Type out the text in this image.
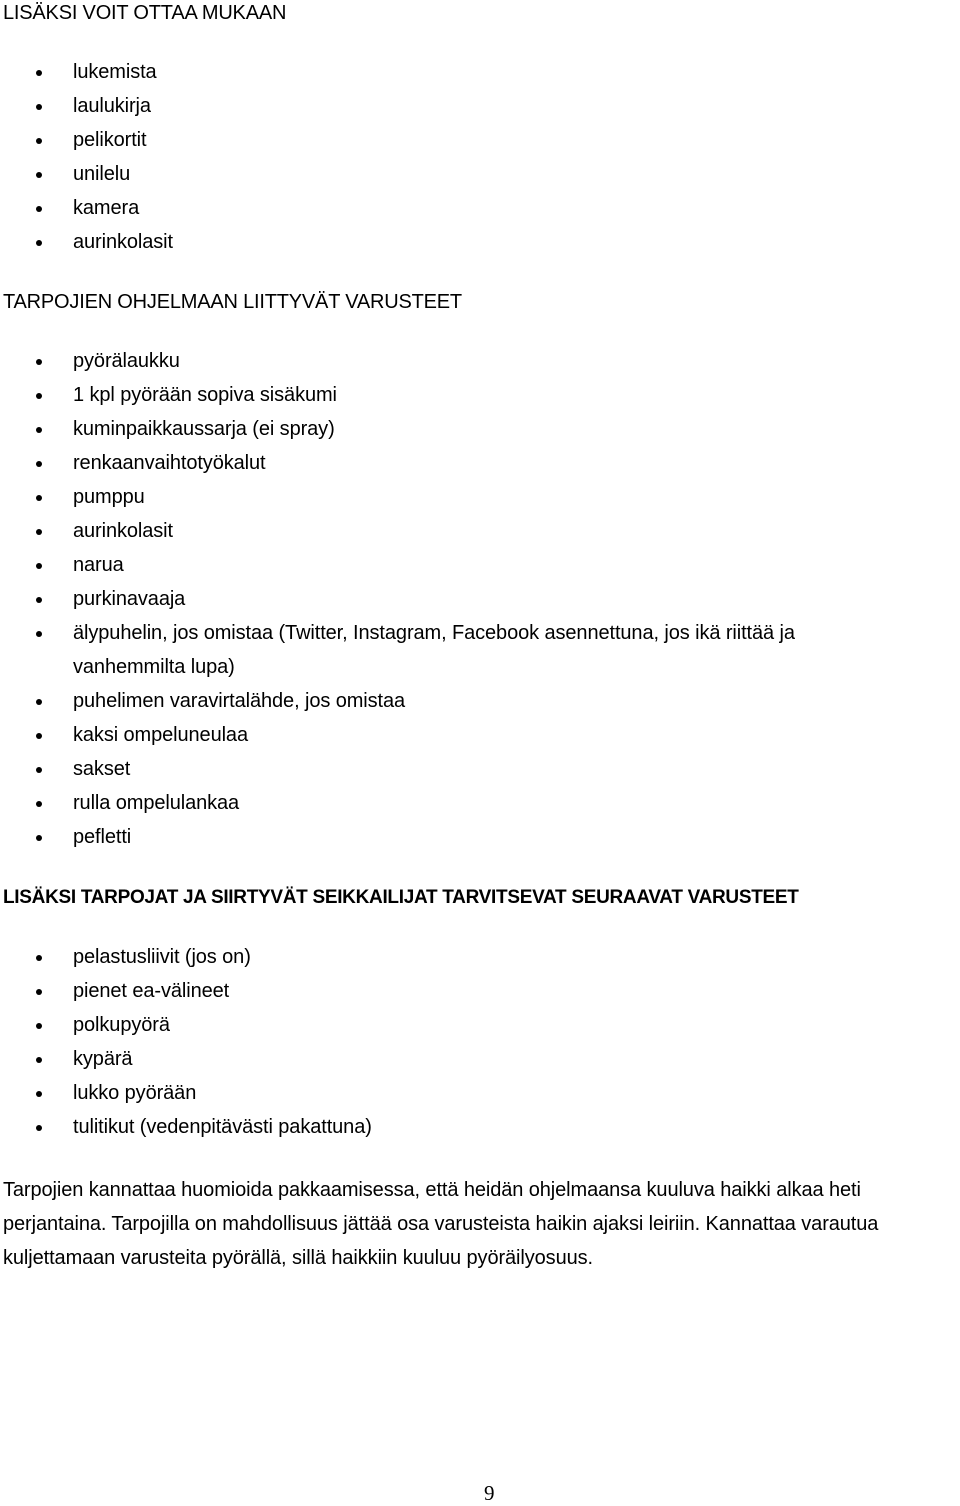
LISÄKSI VOIT OTTAA MUKAAN
lukemista
laulukirja
pelikortit
unilelu
kamera
aurinkolasit
TARPOJIEN OHJELMAAN LIITTYVÄT VARUSTEET
pyörälaukku
1 kpl pyörään sopiva sisäkumi
kuminpaikkaussarja (ei spray)
renkaanvaihtotyökalut
pumppu
aurinkolasit
narua
purkinavaaja
älypuhelin, jos omistaa (Twitter, Instagram, Facebook asennettuna, jos ikä riittää ja vanhemmilta lupa)
puhelimen varavirtalähde, jos omistaa
kaksi ompeluneulaa
sakset
rulla ompelulankaa
pefletti
LISÄKSI TARPOJAT JA SIIRTYVÄT SEIKKAILIJAT TARVITSEVAT SEURAAVAT VARUSTEET
pelastusliivit (jos on)
pienet ea-välineet
polkupyörä
kypärä
lukko pyörään
tulitikut (vedenpitävästi pakattuna)

Tarpojien kannattaa huomioida pakkaamisessa, että heidän ohjelmaansa kuuluva haikki alkaa heti perjantaina. Tarpojilla on mahdollisuus jättää osa varusteista haikin ajaksi leiriin. Kannattaa varautua kuljettamaan varusteita pyörällä, sillä haikkiin kuuluu pyöräilyosuus.

9
